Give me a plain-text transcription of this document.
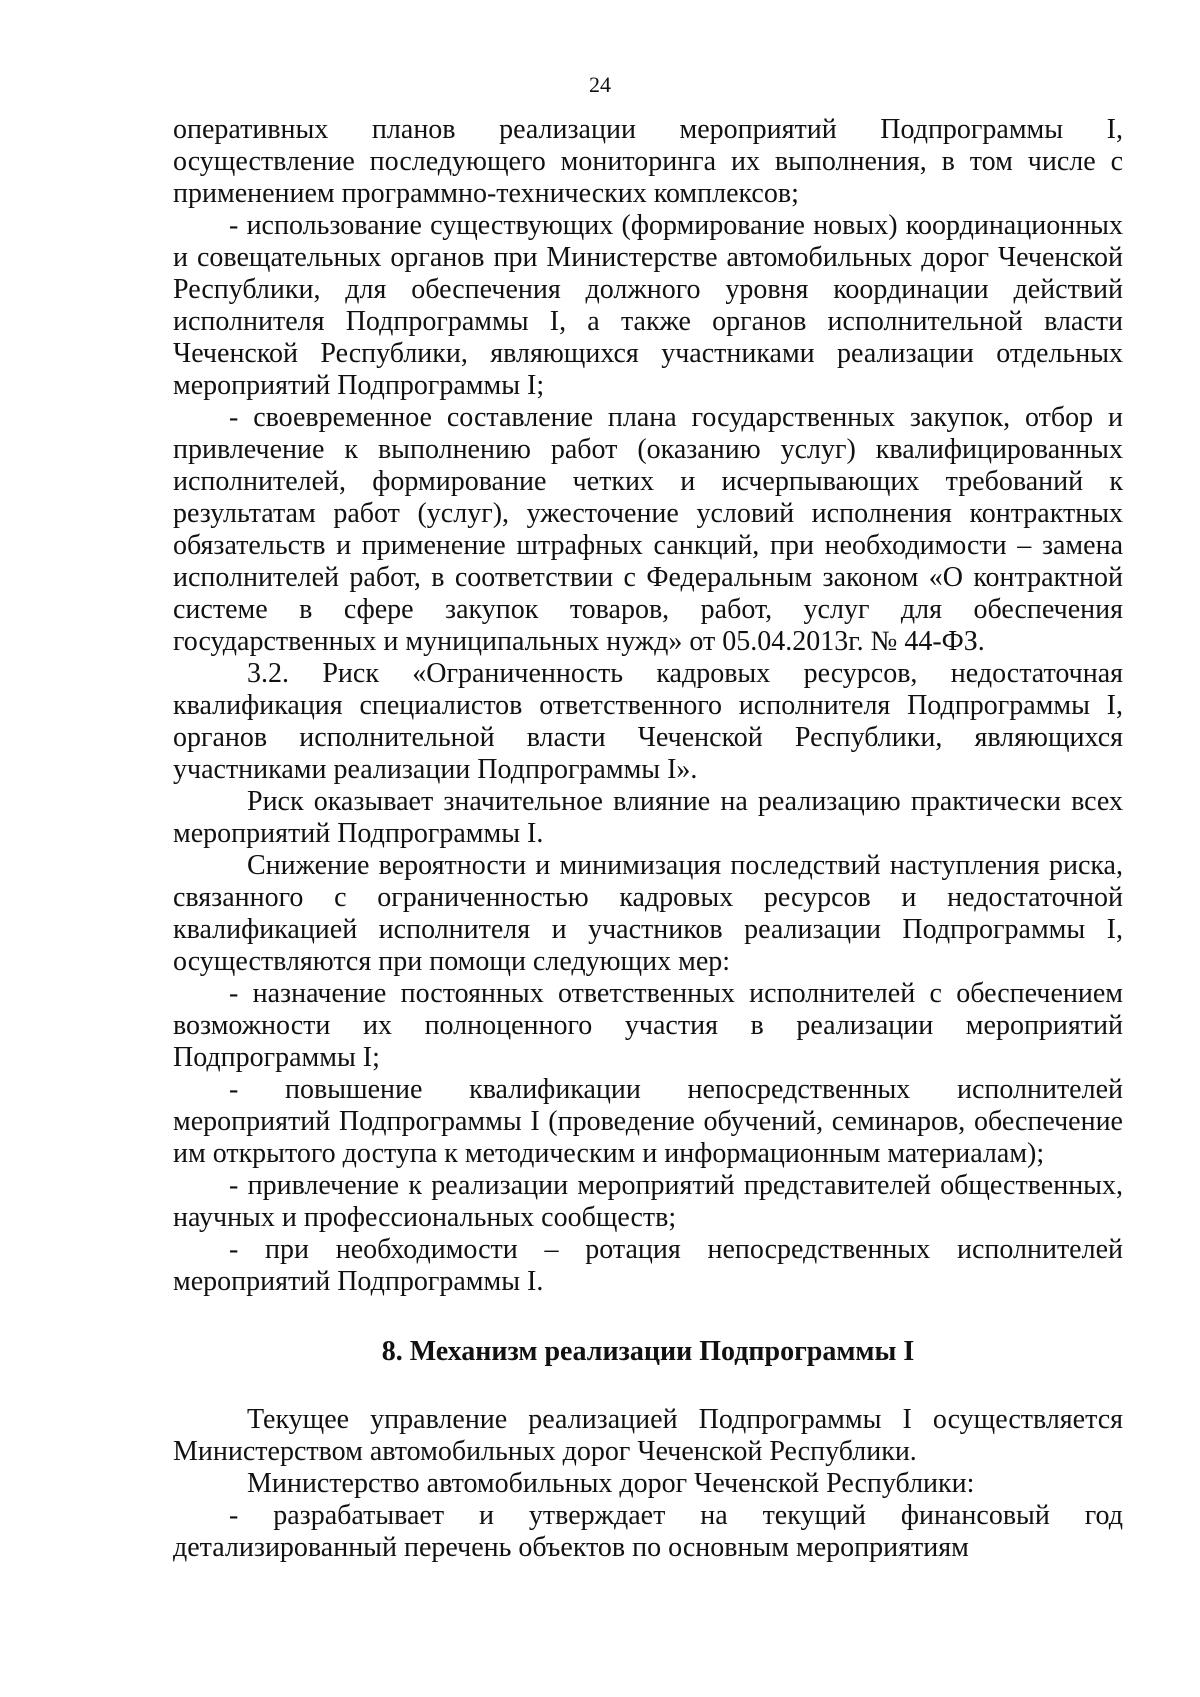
24

оперативных планов реализации мероприятий Подпрограммы I, осуществление последующего мониторинга их выполнения, в том числе с применением программно-технических комплексов;

- использование существующих (формирование новых) координационных и совещательных органов при Министерстве автомобильных дорог Чеченской Республики, для обеспечения должного уровня координации действий исполнителя Подпрограммы I, а также органов исполнительной власти Чеченской Республики, являющихся участниками реализации отдельных мероприятий Подпрограммы I;

- своевременное составление плана государственных закупок, отбор и привлечение к выполнению работ (оказанию услуг) квалифицированных исполнителей, формирование четких и исчерпывающих требований к результатам работ (услуг), ужесточение условий исполнения контрактных обязательств и применение штрафных санкций, при необходимости – замена исполнителей работ, в соответствии с Федеральным законом «О контрактной системе в сфере закупок товаров, работ, услуг для обеспечения государственных и муниципальных нужд» от 05.04.2013г. № 44-ФЗ.

3.2. Риск «Ограниченность кадровых ресурсов, недостаточная квалификация специалистов ответственного исполнителя Подпрограммы I, органов исполнительной власти Чеченской Республики, являющихся участниками реализации Подпрограммы I».

Риск оказывает значительное влияние на реализацию практически всех мероприятий Подпрограммы I.

Снижение вероятности и минимизация последствий наступления риска, связанного с ограниченностью кадровых ресурсов и недостаточной квалификацией исполнителя и участников реализации Подпрограммы I, осуществляются при помощи следующих мер:

- назначение постоянных ответственных исполнителей с обеспечением возможности их полноценного участия в реализации мероприятий Подпрограммы I;

- повышение квалификации непосредственных исполнителей мероприятий Подпрограммы I (проведение обучений, семинаров, обеспечение им открытого доступа к методическим и информационным материалам);

- привлечение к реализации мероприятий представителей общественных, научных и профессиональных сообществ;

- при необходимости – ротация непосредственных исполнителей мероприятий Подпрограммы I.

8. Механизм реализации Подпрограммы I

Текущее управление реализацией Подпрограммы I осуществляется Министерством автомобильных дорог Чеченской Республики.

Министерство автомобильных дорог Чеченской Республики:

- разрабатывает и утверждает на текущий финансовый год детализированный перечень объектов по основным мероприятиям
